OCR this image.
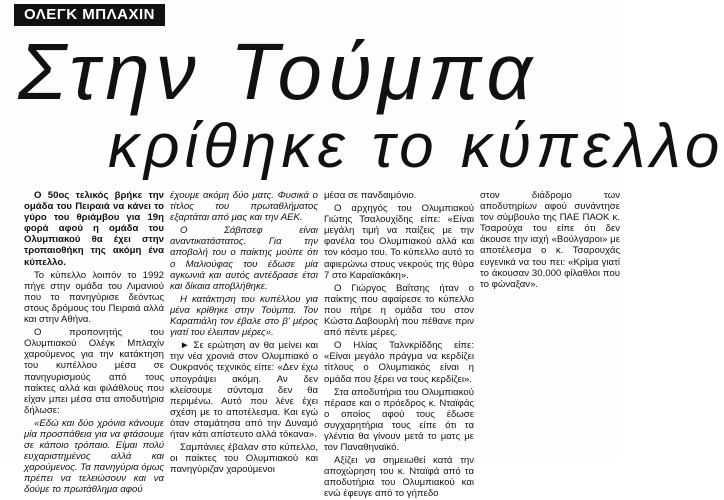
ΟΛΕΓΚ ΜΠΛΑΧΙΝ
Στην Τούμπα
κρίθηκε το κύπελλο

Ο 50ος τελικός βρήκε την ομάδα του Πειραιά να κάνει το γύρο του θριάμβου για 19η φορά αφού η ομάδα του Ολυμπιακού θα έχει στην τροπαιοθήκη της ακόμη ένα κύπελλο.

Το κύπελλο λοιπόν το 1992 πήγε στην ομάδα του Λιμανιού που το πανηγύρισε δεόντως στους δρόμους του Πειραιά αλλά και στην Αθήνα.

Ο προπονητής του Ολυμπιακού Ολέγκ Μπλαχίν χαρούμενος για την κατάκτηση του κυπέλλου μέσα σε πανηγυρισμούς από τους παίκτες αλλά και φιλάθλους που είχαν μπει μέσα στα αποδυτήρια δήλωσε:

«Εδώ και δύο χρόνια κάνουμε μία προσπάθεια για να φτάσουμε σε κάποιο τρόπαιο. Είμαι πολύ ευχαριστημένος αλλά και χαρούμενος. Τα πανηγύρια όμως πρέπει να τελειώσουν και να δούμε το πρωτάθλημα αφού

έχουμε ακόμη δύο ματς. Φυσικά ο τίτλος του πρωταθλήματος εξαρτάται από μας και την ΑΕΚ.

Ο Σάβιτσεφ είναι αναντικατάστατος. Για την αποβολή του ο παίκτης μούπε ότι ο Μαλιούφας του έδωσε μία αγκωνιά και αυτός αντέδρασε έτσι και δίκαια αποβλήθηκε.

Η κατάκτηση του κυπέλλου για μένα κρίθηκε στην Τούμπα. Τον Καραπιάλη τον έβαλε στο β' μέρος γιατί του έλειπαν μέρες».

► Σε ερώτηση αν θα μείνει και την νέα χρονιά στον Ολυμπιακό ο Ουκρανός τεχνικός είπε: «Δεν έχω υπογράψει ακόμη. Αν δεν κλείσουμε σύντομα δεν θα περιμένω. Αυτό που λένε έχει σχέση με το αποτέλεσμα. Και εγώ όταν σταμάτησα από την Δυναμό ήταν κάτι απίστευτο αλλά τόκανα».

Σαμπάνιες έβαλαν στο κύπελλο, οι παίκτες του Ολυμπιακού και πανηγύριζαν χαρούμενοι

μέσα σε πανδαιμόνιο.

Ο αρχηγός του Ολυμπιακού Γιώτης Τσαλουχίδης είπε: «Είναι μεγάλη τιμή να παίζεις με την φανέλα του Ολυμπιακού αλλά και τον κόσμο του. Το κύπελλο αυτό το αφιερώνω στους νεκρούς της θύρα 7 στο Καραϊσκάκη».

Ο Γιώργος Βαΐτσης ήταν ο παίκτης που αφαίρεσε το κύπελλο που πήρε η ομάδα του στον Κώστα Δαβουρλή που πέθανε πριν από πέντε μέρες.

Ο Ηλίας Ταλνκρίδδης είπε: «Είναι μεγάλο πράγμα να κερδίζει τίτλους ο Ολυμπιακός είναι η ομάδα που ξέρει να τους κερδίζει».

Στα αποδυτήρια του Ολυμπιακού πέρασε και ο πρόεδρος κ. Νταϊφάς ο οποίος αφού τους έδωσε συγχαρητήρια τους είπε ότι τα γλέντια θα γίνουν μετά το ματς με τον Παναθηναϊκό.

Αξίζει να σημειωθεί κατά την αποχώρηση του κ. Νταϊφά από τα αποδυτήρια του Ολυμπιακού και ενώ έφευγε από το γήπεδο

στον διάδρομο των αποδυτηρίων αφού συνάντησε τον σύμβουλο της ΠΑΕ ΠΑΟΚ κ. Τσαρούχα του είπε ότι δεν άκουσε την ιαχή «Βούλγαροι» με αποτέλεσμα ο κ. Τσαρουχάς ευγενικά να του πει: «Κρίμα γιατί το άκουσαν 30.000 φίλαθλοι που το φώναξαν».
